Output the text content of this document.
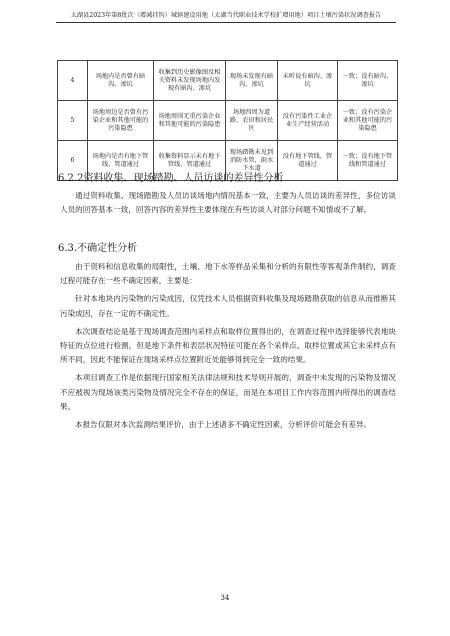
太湖县2023年第8批次（增减挂钩）城镇建设用地（太湖当代职业技术学校扩增用地）项目土壤污染状况调查报告
4	场地内是否曾有暗沟、渗坑	收集到历史影像图及相关资料未发现场地内发现有暗沟、渗坑	现场未发现有暗沟、渗坑	未听说有暗沟、渗坑	一致；没有暗沟、渗坑
5	场地周边是否曾有污染企业和其他可能的污染隐患	场地周围无重污染企业和其他可能的污染隐患	场地四周为道路、农田和居民区	没有污染性工业企业生产经营活动	一致；没有污染企业和其他可能的污染隐患
6	场地内是否有地下管线、管道通过	收集资料显示未有地下管线、管道通过	现场踏勘未见到消防水管，雨水下水道	没有地下管线，管道通过	一致；没有地下管线和管道通过
6.2.2资料收集、现场踏勘、人员访谈的差异性分析

通过资料收集、现场踏勘及人员访谈场地内情况基本一致，主要为人员访谈的差异性，多位访谈人员的回答基本一致，回答内容的差异性主要体现在有些访谈人对部分问题不知情或不了解。

6.3.不确定性分析

由于资料和信息收集的局限性，土壤、地下水等样品采集和分析的有限性等客观条件制约，调查过程可能存在一些不确定因素，主要是：

针对本地块内污染物的污染成因，仅凭技术人员根据资料收集及现场踏勘获取的信息从而推断其污染成因，存在一定的不确定性。

本次调查结论是基于现场调查范围内采样点和取样位置得出的，在调查过程中选择能够代表地块特征的点位进行检测，但是地下条件和表层状况特征可能在各个采样点、取样位置或其它未采样点有所不同，因此不能保证在现场采样点位置附近处能够得到完全一致的结果。

本项目调查工作是依据现行国家相关法律法规和技术导则开展的，调查中未发现的污染物及情况不应被视为现场该类污染物及情况完全不存在的保证，而是在本项目工作内容范围内所得出的调查结果。

本报告仅限对本次监测结果评价，由于上述诸多不确定性因素，分析评价可能会有差异。

34
